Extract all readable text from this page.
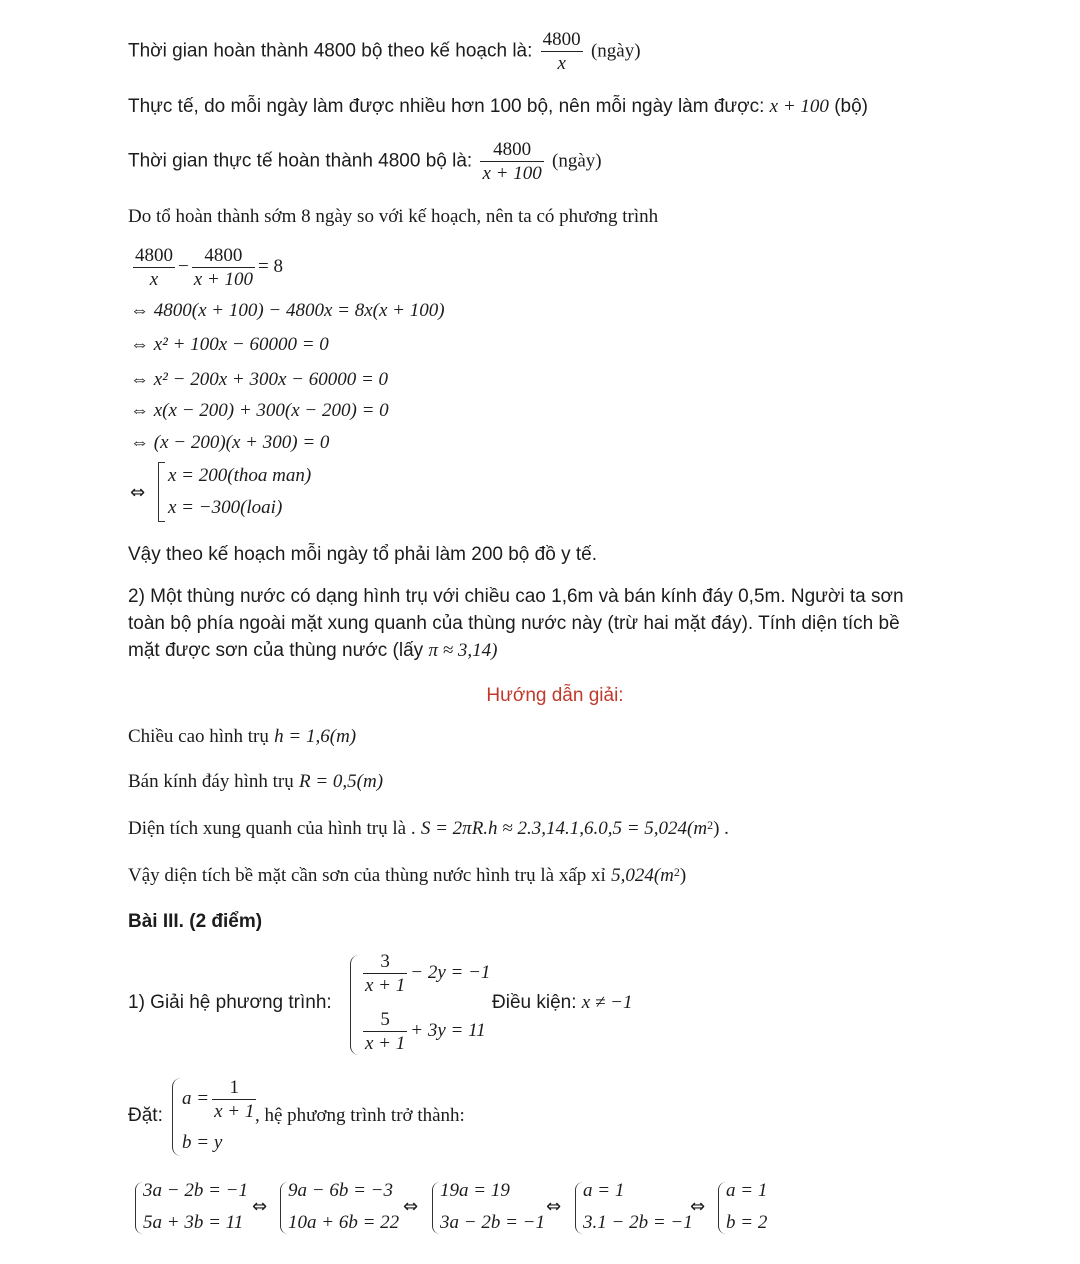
Thời gian hoàn thành 4800 bộ theo kế hoạch là: $\frac{4800}{x}$ (ngày)
Thực tế, do mỗi ngày làm được nhiều hơn 100 bộ, nên mỗi ngày làm được: x + 100 (bộ)
Thời gian thực tế hoàn thành 4800 bộ là: $\frac{4800}{x + 100}$ (ngày)
Do tổ hoàn thành sớm 8 ngày so với kế hoạch, nên ta có phương trình
$\frac{4800}{x} - \frac{4800}{x + 100} = 8$
⇔ 4800(x + 100) − 4800x = 8x(x + 100)
⇔ x² + 100x − 60000 = 0
⇔ x² − 200x + 300x − 60000 = 0
⇔ x(x − 200) + 300(x − 200) = 0
⇔ (x − 200)(x + 300) = 0
⇔
x = 200(thoa man)
x = −300(loai)
Vậy theo kế hoạch mỗi ngày tổ phải làm 200 bộ đồ y tế.
2) Một thùng nước có dạng hình trụ với chiều cao 1,6m và bán kính đáy 0,5m. Người ta sơn
toàn bộ phía ngoài mặt xung quanh của thùng nước này (trừ hai mặt đáy). Tính diện tích bề
mặt được sơn của thùng nước (lấy π ≈ 3,14)
Hướng dẫn giải:
Chiều cao hình trụ h = 1,6(m)
Bán kính đáy hình trụ R = 0,5(m)
Diện tích xung quanh của hình trụ là . $S = 2\pi R.h \approx 2.3,14.1,6.0,5 = 5,024(m^2)$ .
Vậy diện tích bề mặt cần sơn của thùng nước hình trụ là xấp xỉ $5,024(m^2)$
Bài III. (2 điểm)
1) Giải hệ phương trình:
$\frac{3}{x + 1} - 2y = -1$
$\frac{5}{x + 1} + 3y = 11$
Điều kiện: x ≠ −1
Đặt:
$a = \frac{1}{x + 1}$
b = y
, hệ phương trình trở thành:
3a − 2b = −1
5a + 3b = 11
⇔
9a − 6b = −3
10a + 6b = 22
⇔
19a = 19
3a − 2b = −1
⇔
a = 1
3.1 − 2b = −1
⇔
a = 1
b = 2
